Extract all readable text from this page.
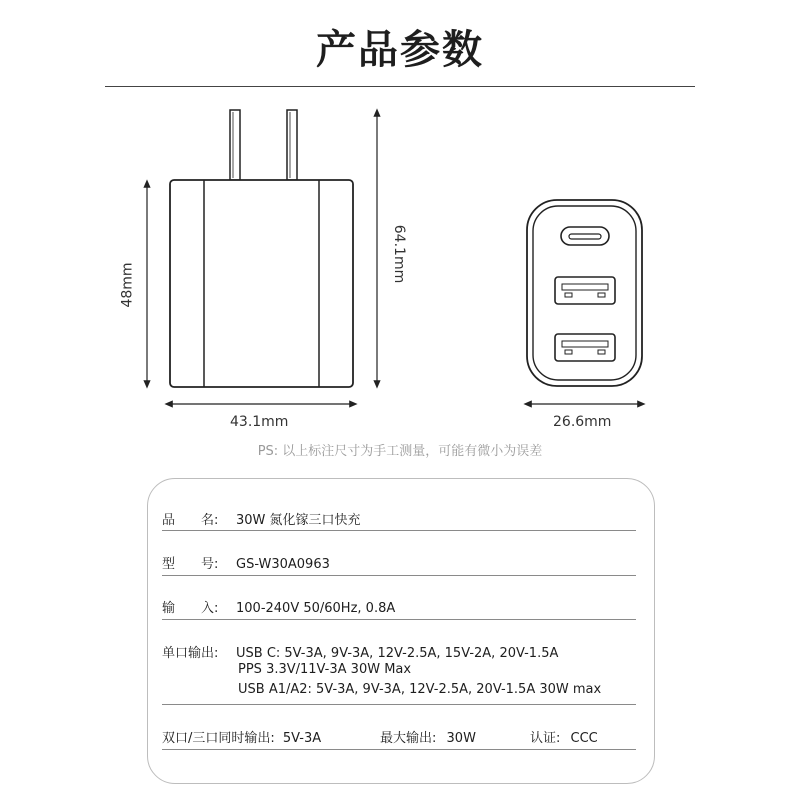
产品参数
48mm
64.1mm
43.1mm	26.6mm
PS: 以上标注尺寸为手工测量，可能有微小为误差
品　　名: 30W 氮化镓三口快充
型　　号: GS-W30A0963
输　　入: 100-240V 50/60Hz, 0.8A
单口输出: USB C: 5V-3A, 9V-3A, 12V-2.5A, 15V-2A, 20V-1.5A
PPS 3.3V/11V-3A 30W Max
USB A1/A2: 5V-3A, 9V-3A, 12V-2.5A, 20V-1.5A 30W max
双口/三口同时输出: 5V-3A	最大输出: 30W	认证: CCC
